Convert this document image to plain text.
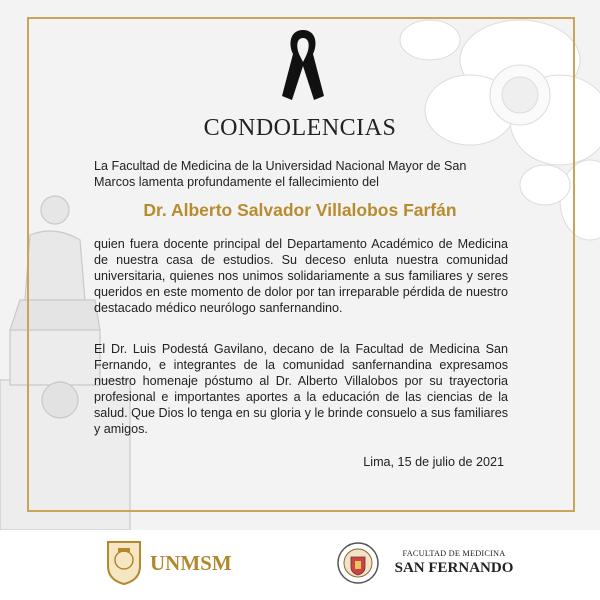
CONDOLENCIAS
La Facultad de Medicina de la Universidad Nacional Mayor de San Marcos lamenta profundamente el fallecimiento del
Dr. Alberto Salvador Villalobos Farfán
quien fuera docente principal del Departamento Académico de Medicina de nuestra casa de estudios. Su deceso enluta nuestra comunidad universitaria, quienes nos unimos solidariamente a sus familiares y seres queridos en este momento de dolor por tan irreparable pérdida de nuestro destacado médico neurólogo sanfernandino.
El Dr. Luis Podestá Gavilano, decano de la Facultad de Medicina San Fernando, e integrantes de la comunidad sanfernandina expresamos nuestro homenaje póstumo al Dr. Alberto Villalobos por su trayectoria profesional e importantes aportes a la educación de las ciencias de la salud. Que Dios lo tenga en su gloria y le brinde consuelo a sus familiares y amigos.
Lima, 15 de julio de 2021
UNMSM	FACULTAD DE MEDICINA
SAN FERNANDO
